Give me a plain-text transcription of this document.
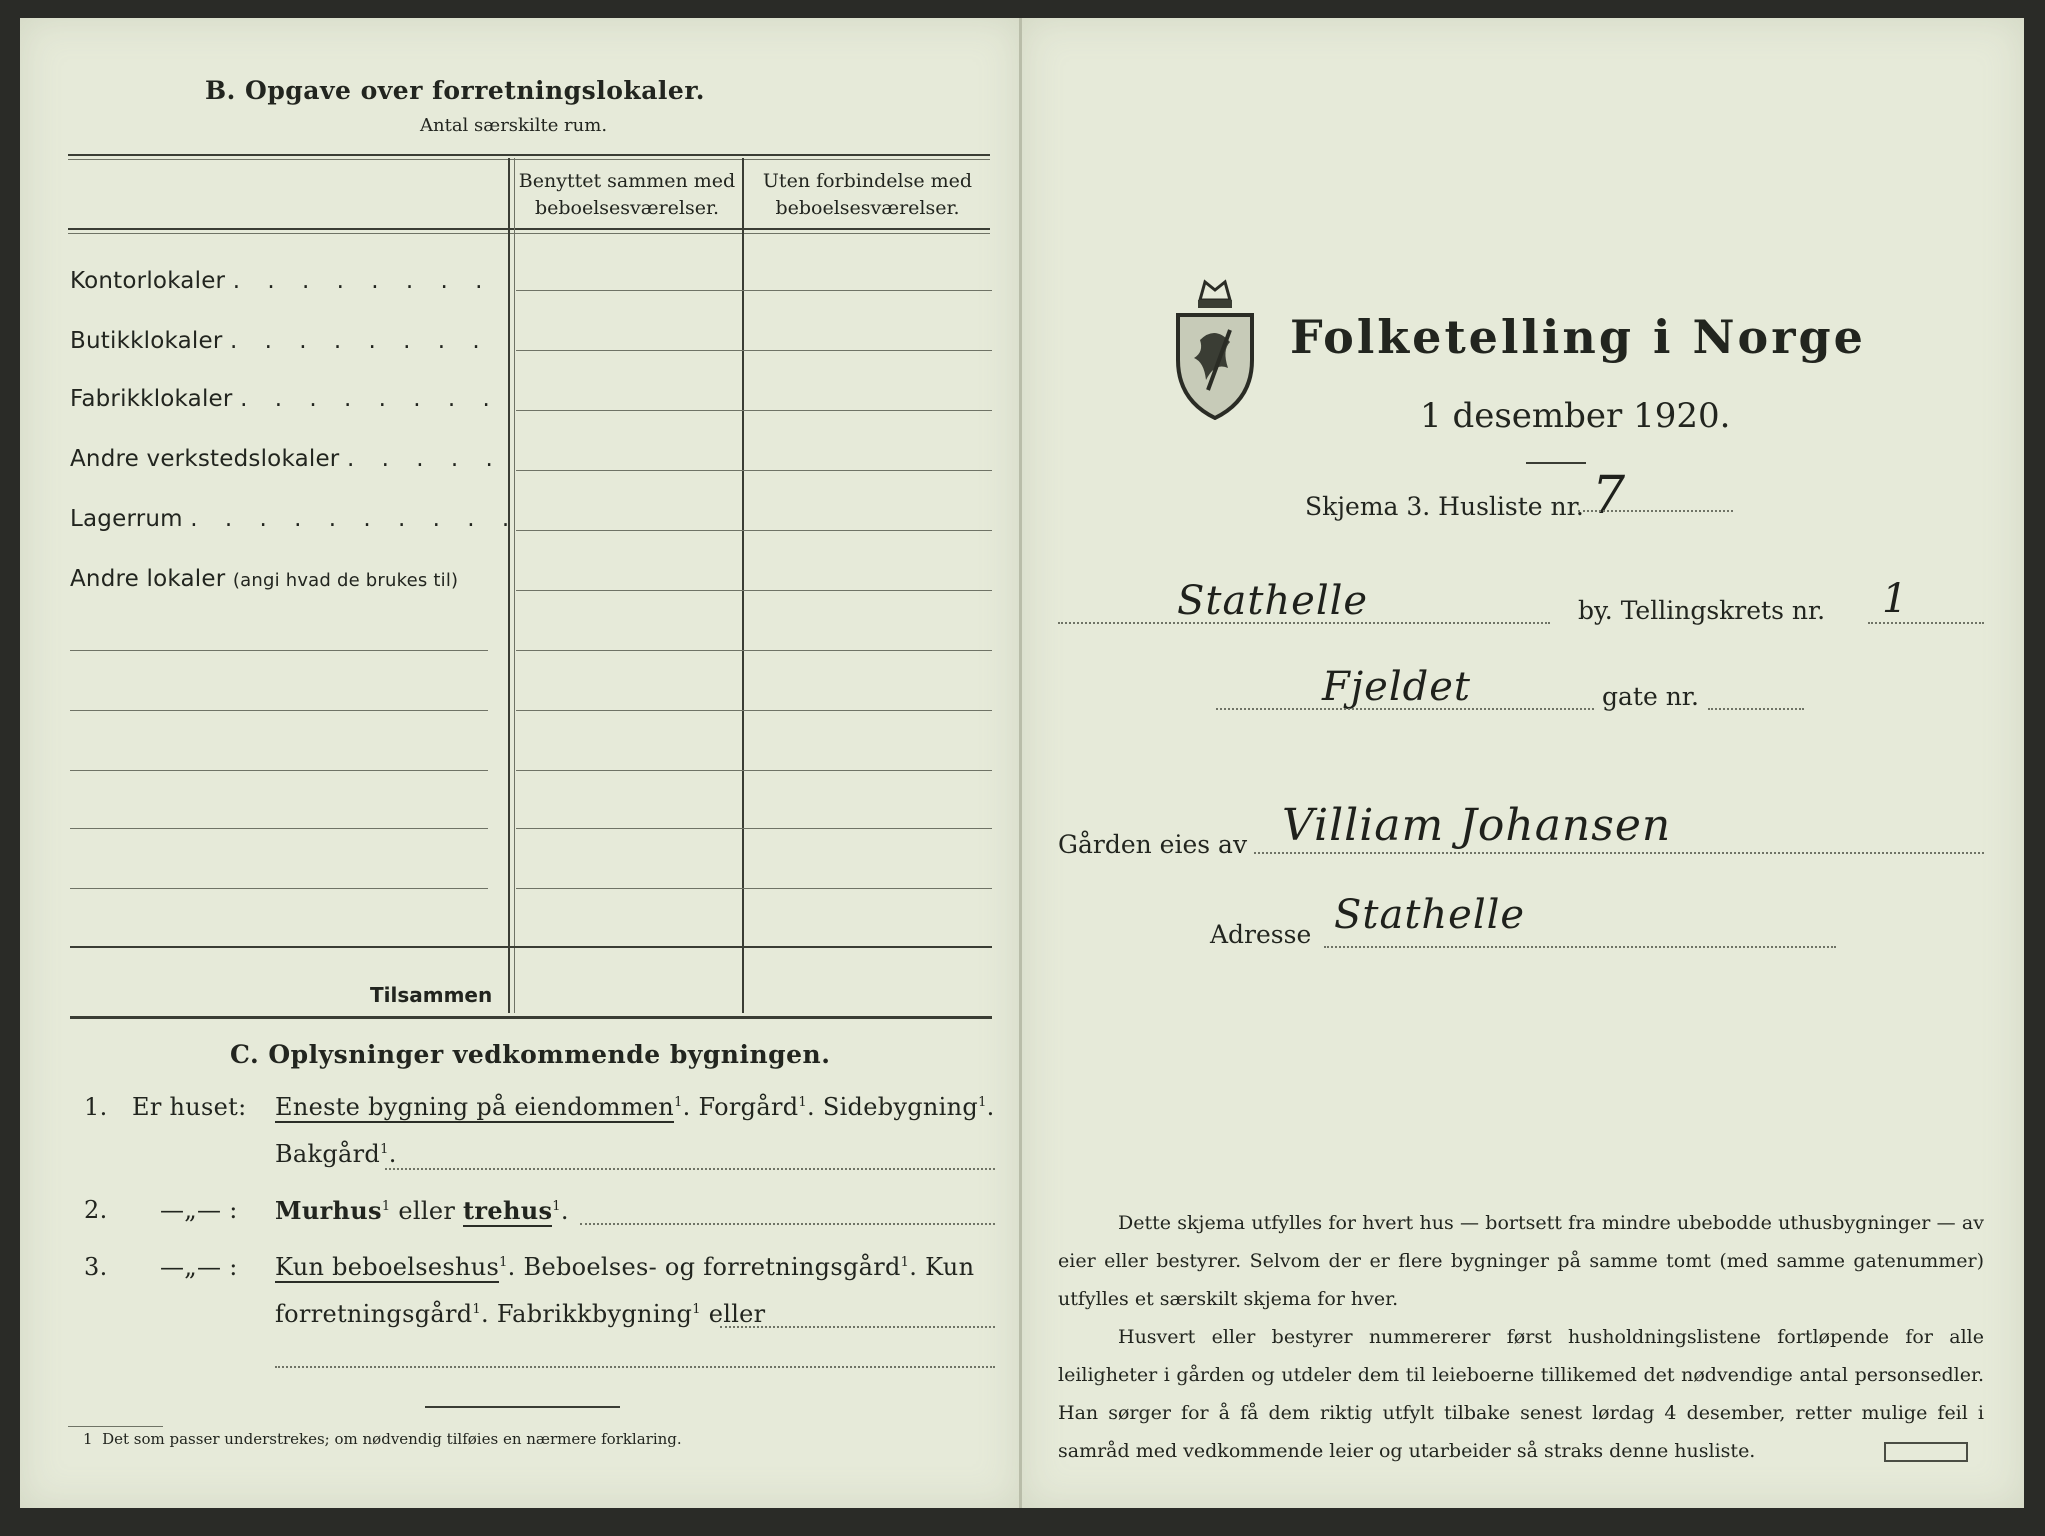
B. Opgave over forretningslokaler.
Antal særskilte rum.
Benyttet sammen med beboelsesværelser.
Uten forbindelse med beboelsesværelser.
Kontorlokaler . . . . . . . .
Butikklokaler . . . . . . . .
Fabrikklokaler . . . . . . . .
Andre verkstedslokaler . . . . .
Lagerrum . . . . . . . . . .
Andre lokaler (angi hvad de brukes til)
Tilsammen
C. Oplysninger vedkommende bygningen.
1. Er huset: Eneste bygning på eiendommen$^1$. Forgård$^1$. Sidebygning$^1$.
Bakgård$^1$.
2. —„— : Murhus$^1$ eller trehus$^1$.
3. —„— : Kun beboelseshus$^1$. Beboelses- og forretningsgård$^1$. Kun
forretningsgård$^1$. Fabrikkbygning$^1$ eller
1 Det som passer understrekes; om nødvendig tilføies en nærmere forklaring.
Folketelling i Norge
1 desember 1920.
Skjema 3. Husliste nr. 7
Stathelle	by. Tellingskrets nr. 1
Fjeldet	gate nr.
Gården eies av Villiam Johansen
Adresse Stathelle
Dette skjema utfylles for hvert hus — bortsett fra mindre ubebodde uthusbygninger — av eier eller bestyrer. Selvom der er flere bygninger på samme tomt (med samme gatenummer) utfylles et særskilt skjema for hver.
Husvert eller bestyrer nummererer først husholdningslistene fortløpende for alle leiligheter i gården og utdeler dem til leieboerne tillikemed det nødvendige antal personsedler. Han sørger for å få dem riktig utfylt tilbake senest lørdag 4 desember, retter mulige feil i samråd med vedkommende leier og utarbeider så straks denne husliste.
